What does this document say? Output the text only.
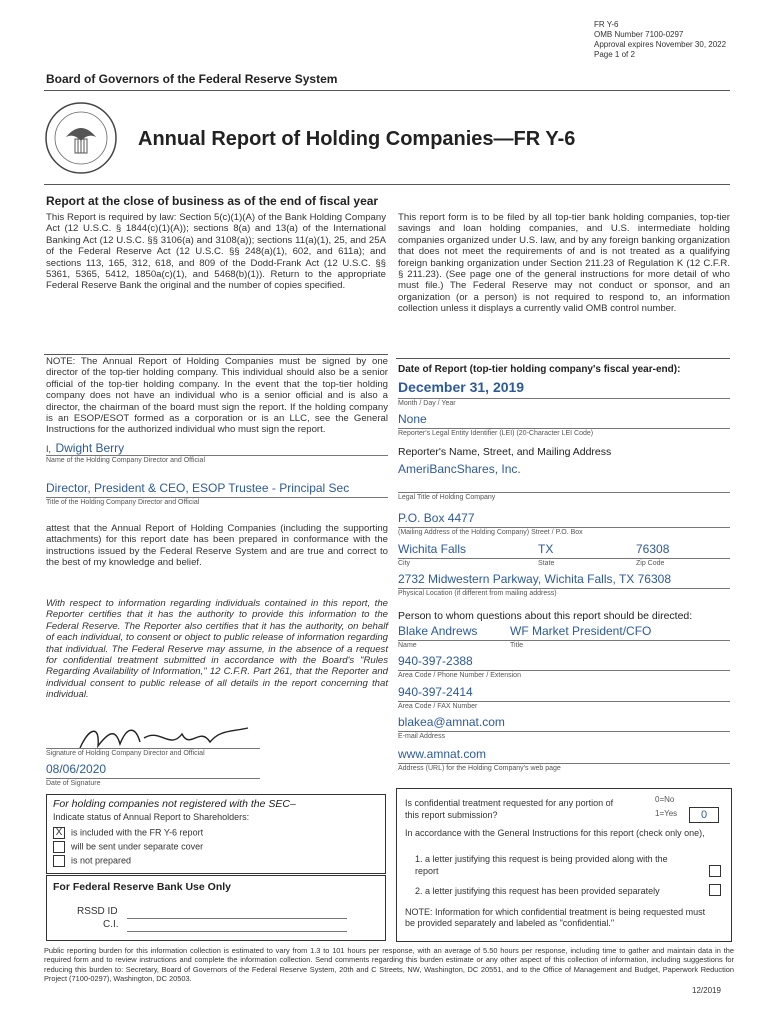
FR Y-6
OMB Number 7100-0297
Approval expires November 30, 2022
Page 1 of 2
Board of Governors of the Federal Reserve System
Annual Report of Holding Companies—FR Y-6
Report at the close of business as of the end of fiscal year
This Report is required by law: Section 5(c)(1)(A) of the Bank Holding Company Act (12 U.S.C. § 1844(c)(1)(A)); sections 8(a) and 13(a) of the International Banking Act (12 U.S.C. §§ 3106(a) and 3108(a)); sections 11(a)(1), 25, and 25A of the Federal Reserve Act (12 U.S.C. §§ 248(a)(1), 602, and 611a); and sections 113, 165, 312, 618, and 809 of the Dodd-Frank Act (12 U.S.C. §§ 5361, 5365, 5412, 1850a(c)(1), and 5468(b)(1)). Return to the appropriate Federal Reserve Bank the original and the number of copies specified.
This report form is to be filed by all top-tier bank holding companies, top-tier savings and loan holding companies, and U.S. intermediate holding companies organized under U.S. law, and by any foreign banking organization that does not meet the requirements of and is not treated as a qualifying foreign banking organization under Section 211.23 of Regulation K (12 C.F.R. § 211.23). (See page one of the general instructions for more detail of who must file.) The Federal Reserve may not conduct or sponsor, and an organization (or a person) is not required to respond to, an information collection unless it displays a currently valid OMB control number.
NOTE: The Annual Report of Holding Companies must be signed by one director of the top-tier holding company. This individual should also be a senior official of the top-tier holding company. In the event that the top-tier holding company does not have an individual who is a senior official and is also a director, the chairman of the board must sign the report. If the holding company is an ESOP/ESOT formed as a corporation or is an LLC, see the General Instructions for the authorized individual who must sign the report.
I, Dwight Berry
Name of the Holding Company Director and Official
Director, President & CEO, ESOP Trustee - Principal Sec
Title of the Holding Company Director and Official
attest that the Annual Report of Holding Companies (including the supporting attachments) for this report date has been prepared in conformance with the instructions issued by the Federal Reserve System and are true and correct to the best of my knowledge and belief.
With respect to information regarding individuals contained in this report, the Reporter certifies that it has the authority to provide this information to the Federal Reserve. The Reporter also certifies that it has the authority, on behalf of each individual, to consent or object to public release of information regarding that individual. The Federal Reserve may assume, in the absence of a request for confidential treatment submitted in accordance with the Board's "Rules Regarding Availability of Information," 12 C.F.R. Part 261, that the Reporter and individual consent to public release of all details in the report concerning that individual.
Signature of Holding Company Director and Official
08/06/2020
Date of Signature
For holding companies not registered with the SEC–
Indicate status of Annual Report to Shareholders:
X is included with the FR Y-6 report
will be sent under separate cover
is not prepared
For Federal Reserve Bank Use Only
RSSD ID
C.I.
Date of Report (top-tier holding company's fiscal year-end):
December 31, 2019
Month / Day / Year
None
Reporter's Legal Entity Identifier (LEI) (20-Character LEI Code)
Reporter's Name, Street, and Mailing Address
AmeriBancShares, Inc.
Legal Title of Holding Company
P.O. Box 4477
(Mailing Address of the Holding Company) Street / P.O. Box
Wichita Falls	TX	76308
City	State	Zip Code
2732 Midwestern Parkway, Wichita Falls, TX 76308
Physical Location (if different from mailing address)
Person to whom questions about this report should be directed:
Blake Andrews	WF Market President/CFO
Name	Title
940-397-2388
Area Code / Phone Number / Extension
940-397-2414
Area Code / FAX Number
blakea@amnat.com
E-mail Address
www.amnat.com
Address (URL) for the Holding Company's web page
Is confidential treatment requested for any portion of this report submission?
0=No
1=Yes	0
In accordance with the General Instructions for this report (check only one),
1. a letter justifying this request is being provided along with the report
2. a letter justifying this request has been provided separately
NOTE: Information for which confidential treatment is being requested must be provided separately and labeled as "confidential."
Public reporting burden for this information collection is estimated to vary from 1.3 to 101 hours per response, with an average of 5.50 hours per response, including time to gather and maintain data in the required form and to review instructions and complete the information collection. Send comments regarding this burden estimate or any other aspect of this collection of information, including suggestions for reducing this burden to: Secretary, Board of Governors of the Federal Reserve System, 20th and C Streets, NW, Washington, DC 20551, and to the Office of Management and Budget, Paperwork Reduction Project (7100-0297), Washington, DC 20503.
12/2019
